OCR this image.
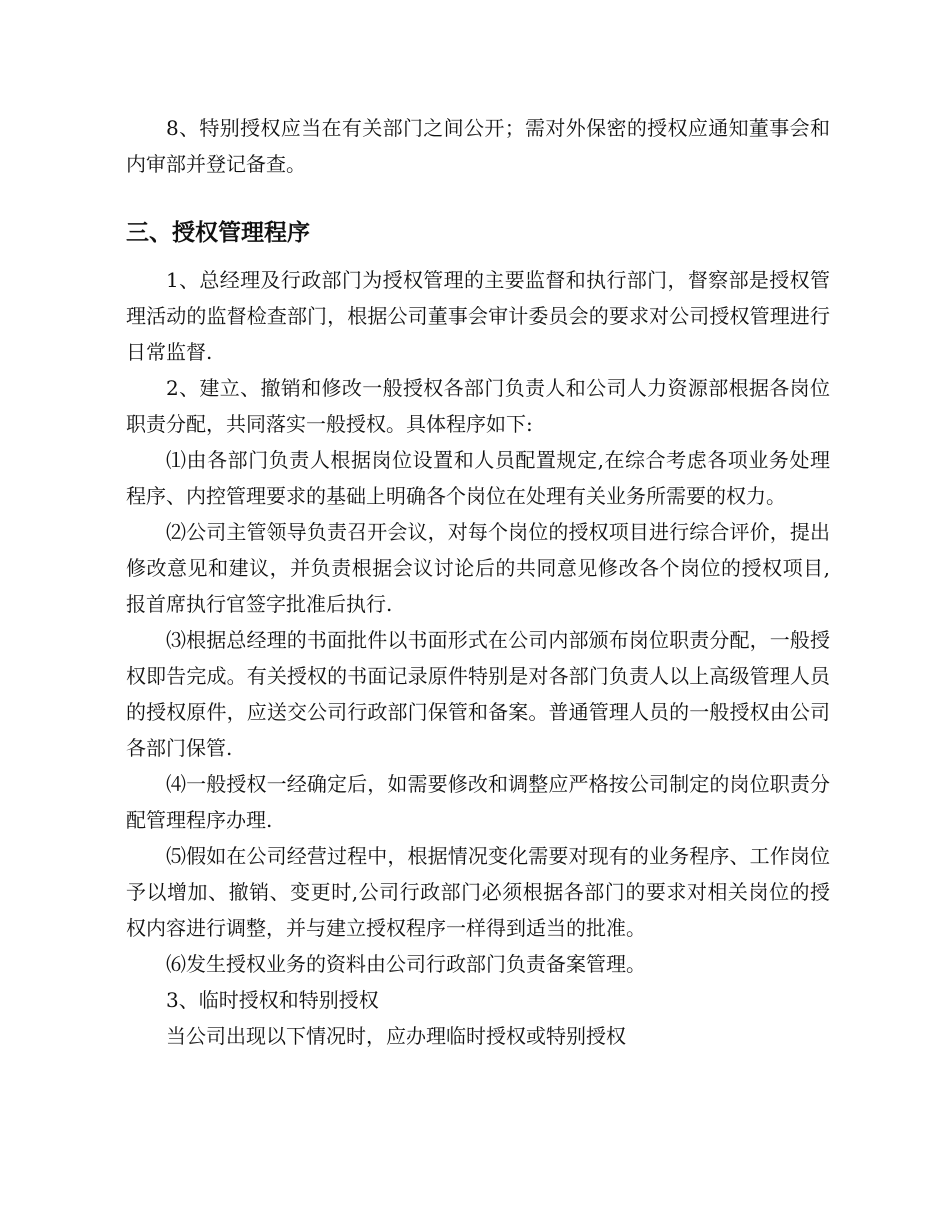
8、特别授权应当在有关部门之间公开；需对外保密的授权应通知董事会和内审部并登记备查。

三、授权管理程序

1、总经理及行政部门为授权管理的主要监督和执行部门，督察部是授权管理活动的监督检查部门，根据公司董事会审计委员会的要求对公司授权管理进行日常监督.

2、建立、撤销和修改一般授权各部门负责人和公司人力资源部根据各岗位职责分配，共同落实一般授权。具体程序如下:

⑴由各部门负责人根据岗位设置和人员配置规定,在综合考虑各项业务处理程序、内控管理要求的基础上明确各个岗位在处理有关业务所需要的权力。

⑵公司主管领导负责召开会议，对每个岗位的授权项目进行综合评价，提出修改意见和建议，并负责根据会议讨论后的共同意见修改各个岗位的授权项目,报首席执行官签字批准后执行.

⑶根据总经理的书面批件以书面形式在公司内部颁布岗位职责分配，一般授权即告完成。有关授权的书面记录原件特别是对各部门负责人以上高级管理人员的授权原件，应送交公司行政部门保管和备案。普通管理人员的一般授权由公司各部门保管.

⑷一般授权一经确定后，如需要修改和调整应严格按公司制定的岗位职责分配管理程序办理.

⑸假如在公司经营过程中，根据情况变化需要对现有的业务程序、工作岗位予以增加、撤销、变更时,公司行政部门必须根据各部门的要求对相关岗位的授权内容进行调整，并与建立授权程序一样得到适当的批准。

⑹发生授权业务的资料由公司行政部门负责备案管理。

3、临时授权和特别授权

当公司出现以下情况时，应办理临时授权或特别授权
